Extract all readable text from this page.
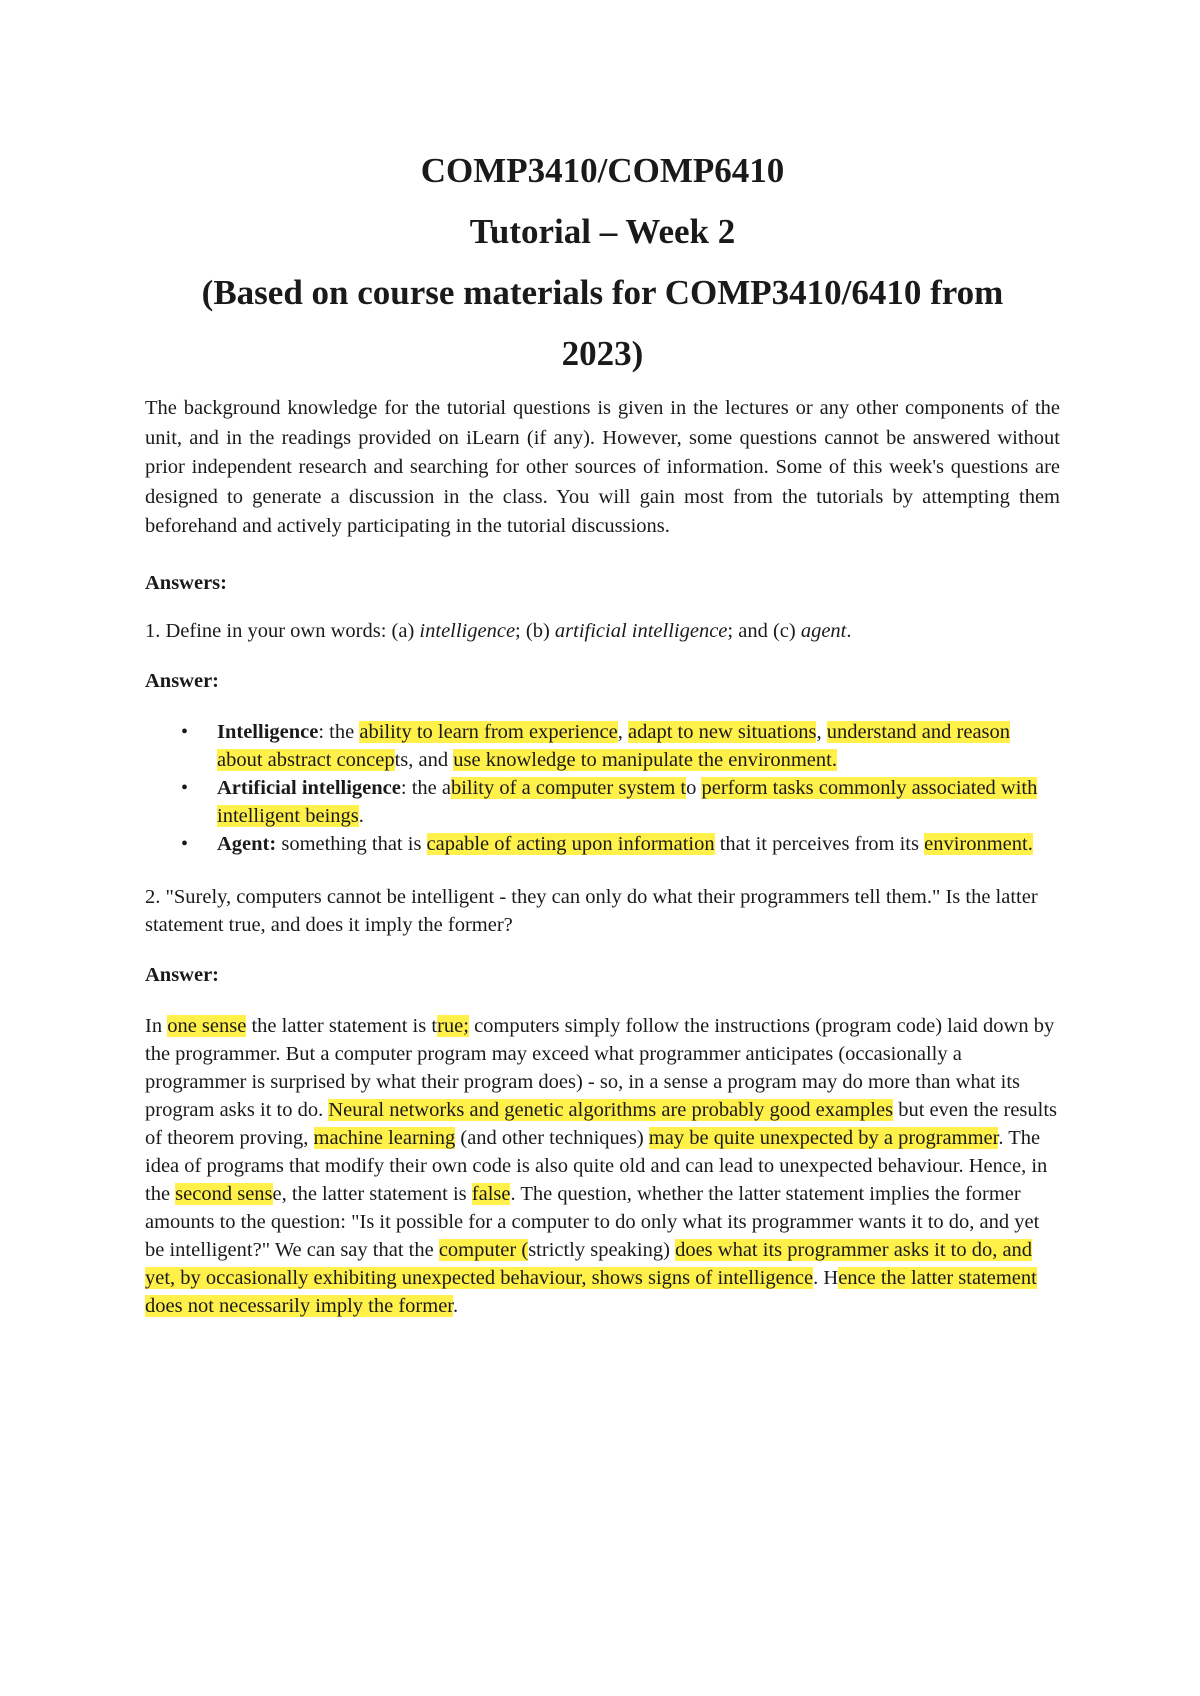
COMP3410/COMP6410
Tutorial – Week 2
(Based on course materials for COMP3410/6410 from
2023)

The background knowledge for the tutorial questions is given in the lectures or any other components of the unit, and in the readings provided on iLearn (if any). However, some questions cannot be answered without prior independent research and searching for other sources of information. Some of this week's questions are designed to generate a discussion in the class. You will gain most from the tutorials by attempting them beforehand and actively participating in the tutorial discussions.

Answers:

1. Define in your own words: (a) intelligence; (b) artificial intelligence; and (c) agent.

Answer:

• Intelligence: the ability to learn from experience, adapt to new situations, understand and reason about abstract concepts, and use knowledge to manipulate the environment.
• Artificial intelligence: the ability of a computer system to perform tasks commonly associated with intelligent beings.
• Agent: something that is capable of acting upon information that it perceives from its environment.

2. "Surely, computers cannot be intelligent - they can only do what their programmers tell them." Is the latter statement true, and does it imply the former?

Answer:

In one sense the latter statement is true; computers simply follow the instructions (program code) laid down by the programmer. But a computer program may exceed what programmer anticipates (occasionally a programmer is surprised by what their program does) - so, in a sense a program may do more than what its program asks it to do. Neural networks and genetic algorithms are probably good examples but even the results of theorem proving, machine learning (and other techniques) may be quite unexpected by a programmer. The idea of programs that modify their own code is also quite old and can lead to unexpected behaviour. Hence, in the second sense, the latter statement is false. The question, whether the latter statement implies the former amounts to the question: "Is it possible for a computer to do only what its programmer wants it to do, and yet be intelligent?" We can say that the computer (strictly speaking) does what its programmer asks it to do, and yet, by occasionally exhibiting unexpected behaviour, shows signs of intelligence. Hence the latter statement does not necessarily imply the former.
